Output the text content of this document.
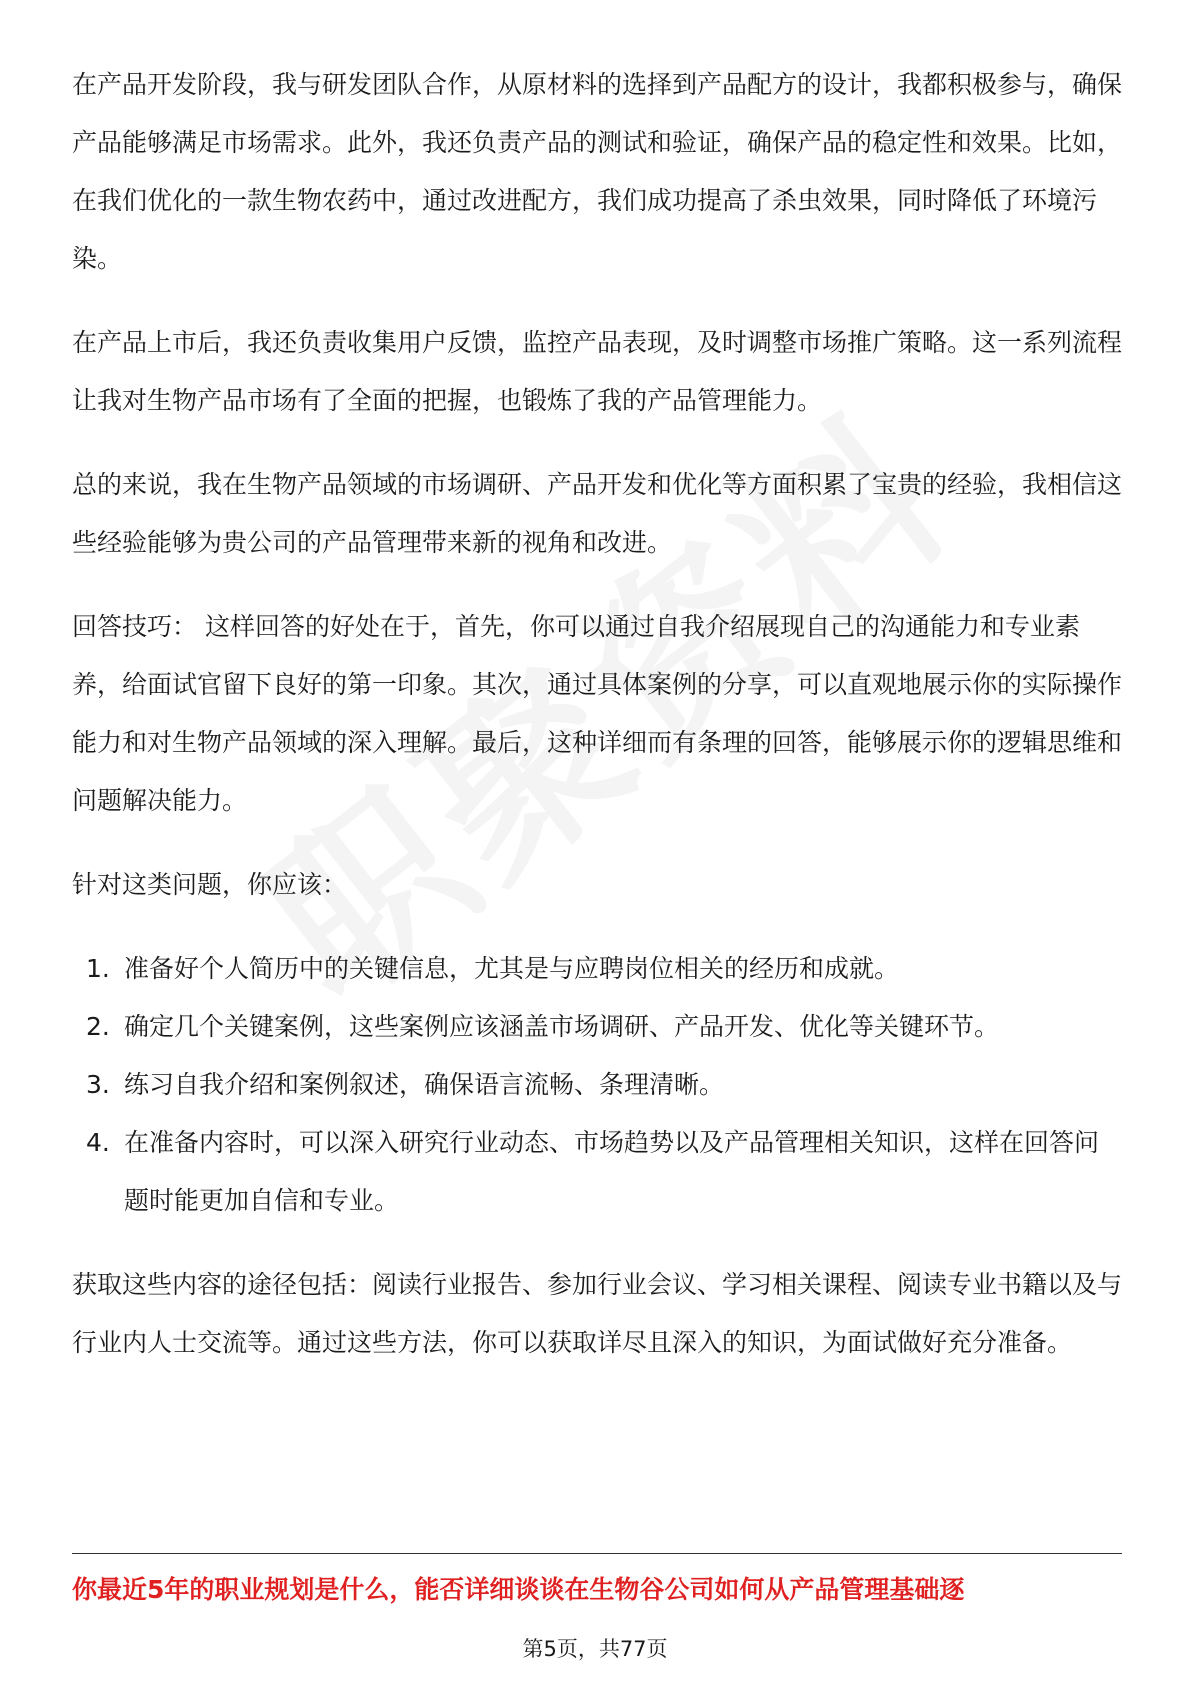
在产品开发阶段，我与研发团队合作，从原材料的选择到产品配方的设计，我都积极参与，确保产品能够满足市场需求。此外，我还负责产品的测试和验证，确保产品的稳定性和效果。比如，在我们优化的一款生物农药中，通过改进配方，我们成功提高了杀虫效果，同时降低了环境污染。

在产品上市后，我还负责收集用户反馈，监控产品表现，及时调整市场推广策略。这一系列流程让我对生物产品市场有了全面的把握，也锻炼了我的产品管理能力。

总的来说，我在生物产品领域的市场调研、产品开发和优化等方面积累了宝贵的经验，我相信这些经验能够为贵公司的产品管理带来新的视角和改进。

回答技巧： 这样回答的好处在于，首先，你可以通过自我介绍展现自己的沟通能力和专业素养，给面试官留下良好的第一印象。其次，通过具体案例的分享，可以直观地展示你的实际操作能力和对生物产品领域的深入理解。最后，这种详细而有条理的回答，能够展示你的逻辑思维和问题解决能力。

针对这类问题，你应该：

1. 准备好个人简历中的关键信息，尤其是与应聘岗位相关的经历和成就。
2. 确定几个关键案例，这些案例应该涵盖市场调研、产品开发、优化等关键环节。
3. 练习自我介绍和案例叙述，确保语言流畅、条理清晰。
4. 在准备内容时，可以深入研究行业动态、市场趋势以及产品管理相关知识，这样在回答问题时能更加自信和专业。

获取这些内容的途径包括：阅读行业报告、参加行业会议、学习相关课程、阅读专业书籍以及与行业内人士交流等。通过这些方法，你可以获取详尽且深入的知识，为面试做好充分准备。

你最近5年的职业规划是什么，能否详细谈谈在生物谷公司如何从产品管理基础逐
第5页，共77页
